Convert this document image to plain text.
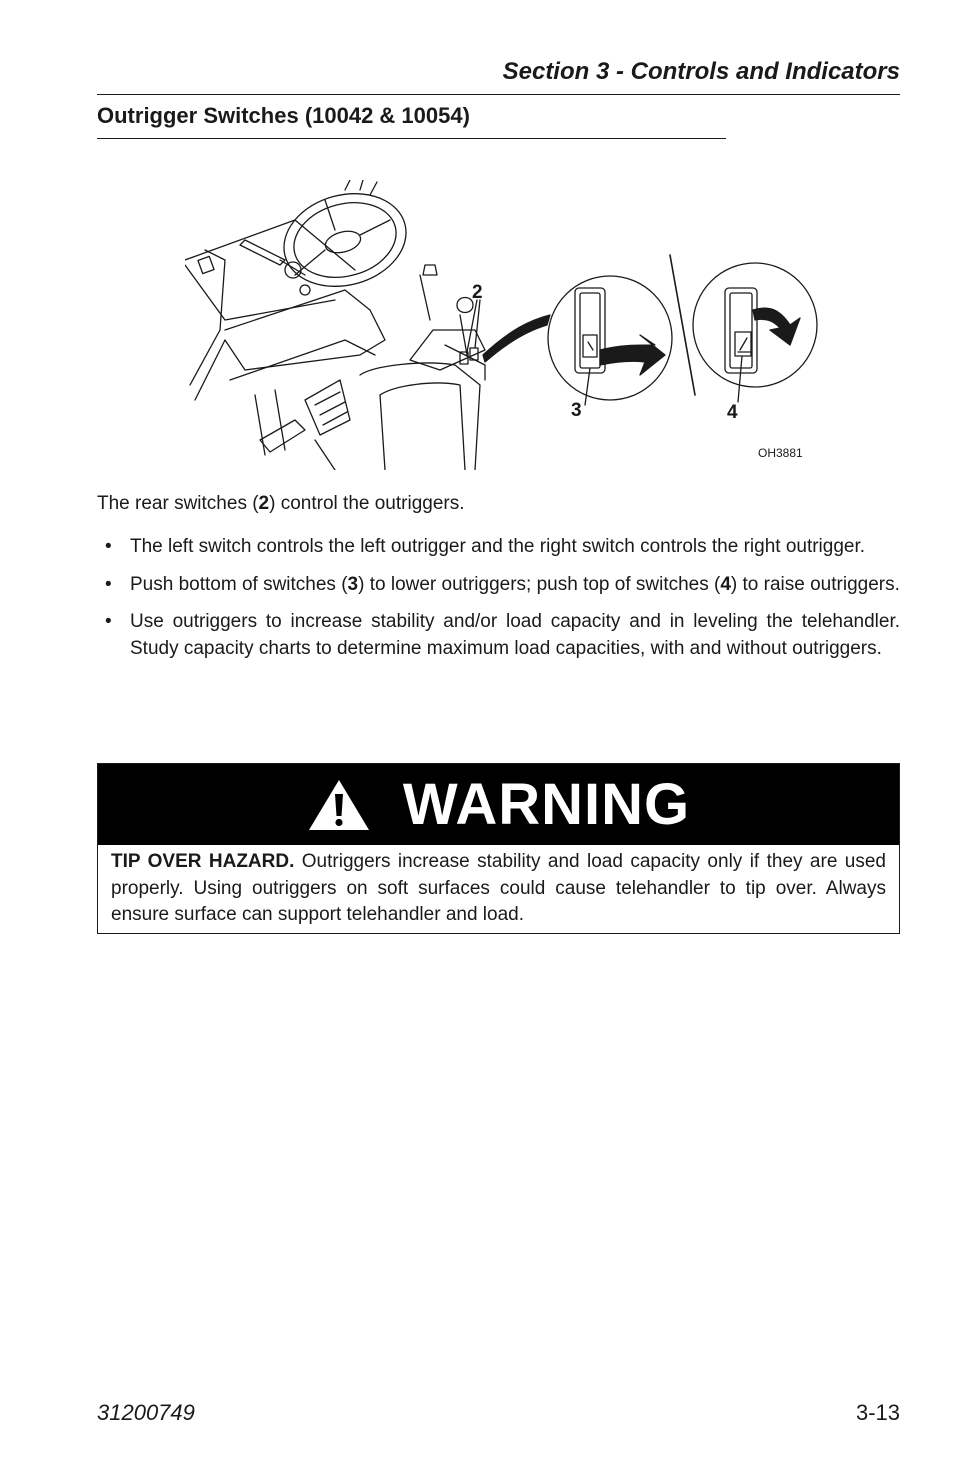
Section 3 - Controls and Indicators
Outrigger Switches (10042 & 10054)
2
3	4
OH3881
The rear switches (2) control the outriggers.
• The left switch controls the left outrigger and the right switch controls the right outrigger.
• Push bottom of switches (3) to lower outriggers; push top of switches (4) to raise outriggers.
• Use outriggers to increase stability and/or load capacity and in leveling the telehandler. Study capacity charts to determine maximum load capacities, with and without outriggers.
WARNING
TIP OVER HAZARD. Outriggers increase stability and load capacity only if they are used properly. Using outriggers on soft surfaces could cause telehandler to tip over. Always ensure surface can support telehandler and load.
31200749	3-13
